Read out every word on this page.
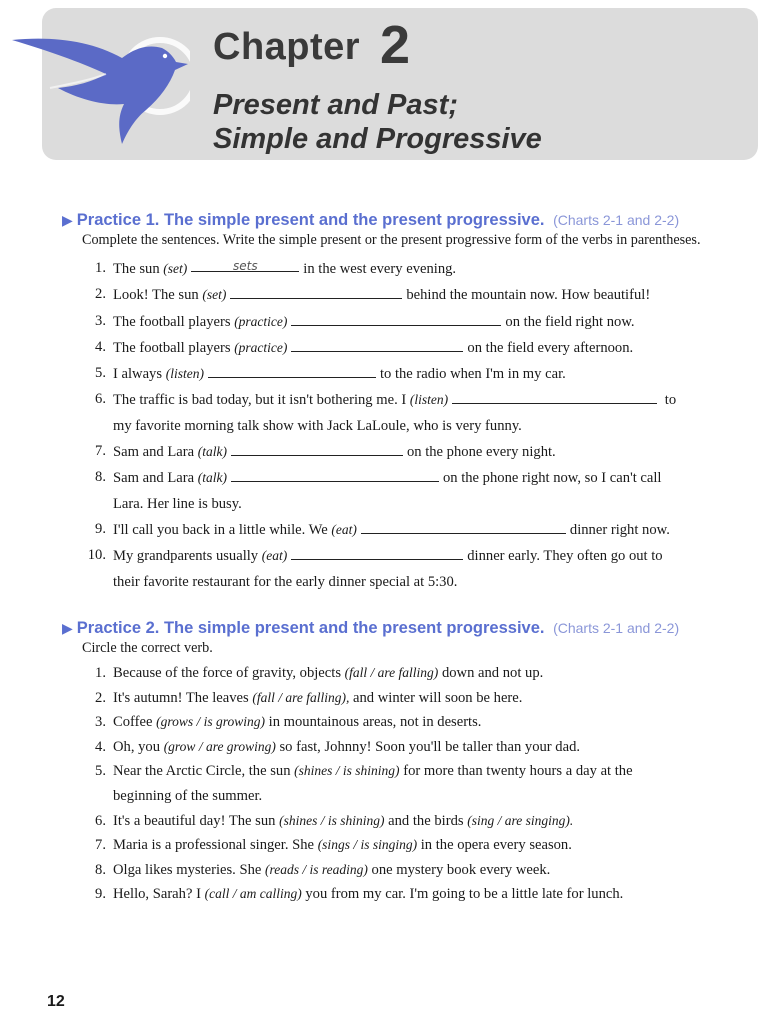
Chapter 2
Present and Past;
Simple and Progressive
▶ Practice 1. The simple present and the present progressive. (Charts 2-1 and 2-2)
Complete the sentences. Write the simple present or the present progressive form of the verbs in parentheses.
1. The sun (set)	$^{sets}$	in the west every evening.
2. Look! The sun (set)	behind the mountain now. How beautiful!
3. The football players (practice)	on the field right now.
4. The football players (practice)	on the field every afternoon.
5. I always (listen)	to the radio when I'm in my car.
6. The traffic is bad today, but it isn't bothering me. I (listen)	to
my favorite morning talk show with Jack LaLoule, who is very funny.
7. Sam and Lara (talk)	on the phone every night.
8. Sam and Lara (talk)	on the phone right now, so I can't call
Lara. Her line is busy.
9. I'll call you back in a little while. We (eat)	dinner right now.
10. My grandparents usually (eat)	dinner early. They often go out to
their favorite restaurant for the early dinner special at 5:30.
▶ Practice 2. The simple present and the present progressive. (Charts 2-1 and 2-2)
Circle the correct verb.
1. Because of the force of gravity, objects (fall / are falling) down and not up.
2. It's autumn! The leaves (fall / are falling), and winter will soon be here.
3. Coffee (grows / is growing) in mountainous areas, not in deserts.
4. Oh, you (grow / are growing) so fast, Johnny! Soon you'll be taller than your dad.
5. Near the Arctic Circle, the sun (shines / is shining) for more than twenty hours a day at the
beginning of the summer.
6. It's a beautiful day! The sun (shines / is shining) and the birds (sing / are singing).
7. Maria is a professional singer. She (sings / is singing) in the opera every season.
8. Olga likes mysteries. She (reads / is reading) one mystery book every week.
9. Hello, Sarah? I (call / am calling) you from my car. I'm going to be a little late for lunch.
12
